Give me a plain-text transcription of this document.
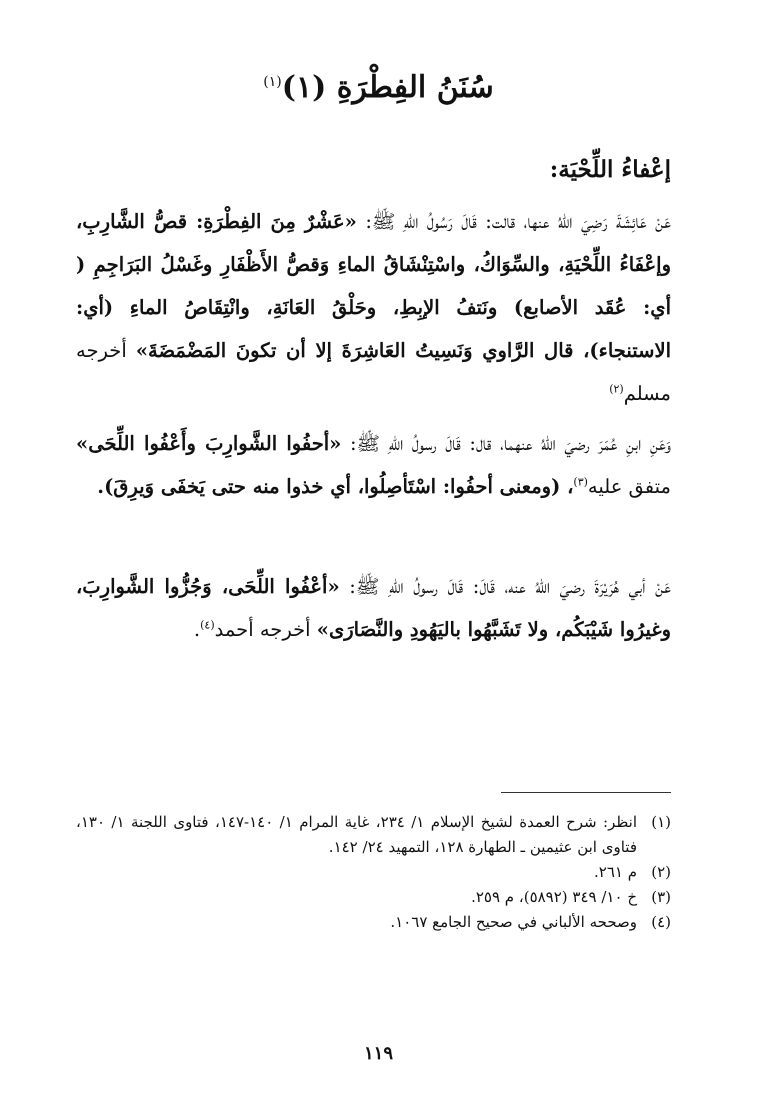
سُنَنُ الفِطْرَةِ (١)$^{(١)}$
إعْفاءُ اللِّحْيَة:
عَنْ عَائِشَةَ رَضِيَ اللهُ عنها، قالت: قَالَ رَسُولُ اللهِ ﷺ: «عَشْرٌ مِنَ الفِطْرَةِ: قصُّ الشَّارِبِ، وإعْفَاءُ اللِّحْيَةِ، والسِّوَاكُ، واسْتِنْشَاقُ الماءِ وَقصُّ الأَظْفَارِ وغَسْلُ البَرَاجِمِ ( أي: عُقَد الأصابع) ونَتفُ الإبِطِ، وحَلْقُ العَانَةِ، وانْتِقَاصُ الماءِ (أي: الاستنجاء)، قال الرَّاوي وَنَسِيتُ العَاشِرَةَ إلا أن تكونَ المَضْمَضَةَ» أخرجه مسلم$^{(٢)}$
وَعَنِ ابنِ عُمَرَ رضيَ اللهُ عنهما، قال: قَالَ رسولُ اللهِ ﷺ: «أحفُوا الشَّوارِبَ وأَعْفُوا اللِّحَى» متفق عليه$^{(٣)}$، (ومعنى أحفُوا: اسْتَأصِلُوا، أي خذوا منه حتى يَخفَى وَيرِقَ).
عَنْ أبي هُرَيْرَةَ رضيَ اللهُ عنه، قَالَ: قَالَ رسولُ اللهِ ﷺ: «أعْفُوا اللِّحَى، وَجُزُّوا الشَّوارِبَ، وغيرُوا شَيْبَكُم، ولا تَشَبَّهُوا باليَهُودِ والنَّصَارَى» أخرجه أحمد$^{(٤)}$.
(١)
انظر: شرح العمدة لشيخ الإسلام ١/ ٢٣٤، غاية المرام ١/ ١٤٠-١٤٧، فتاوى اللجنة ١/ ١٣٠، فتاوى ابن عثيمين ـ الطهارة ١٢٨، التمهيد ٢٤/ ١٤٢.
(٢)
م ٢٦١.
(٣)
خ ١٠/ ٣٤٩ (٥٨٩٢)، م ٢٥٩.
(٤)
وصححه الألباني في صحيح الجامع ١٠٦٧.
١١٩
